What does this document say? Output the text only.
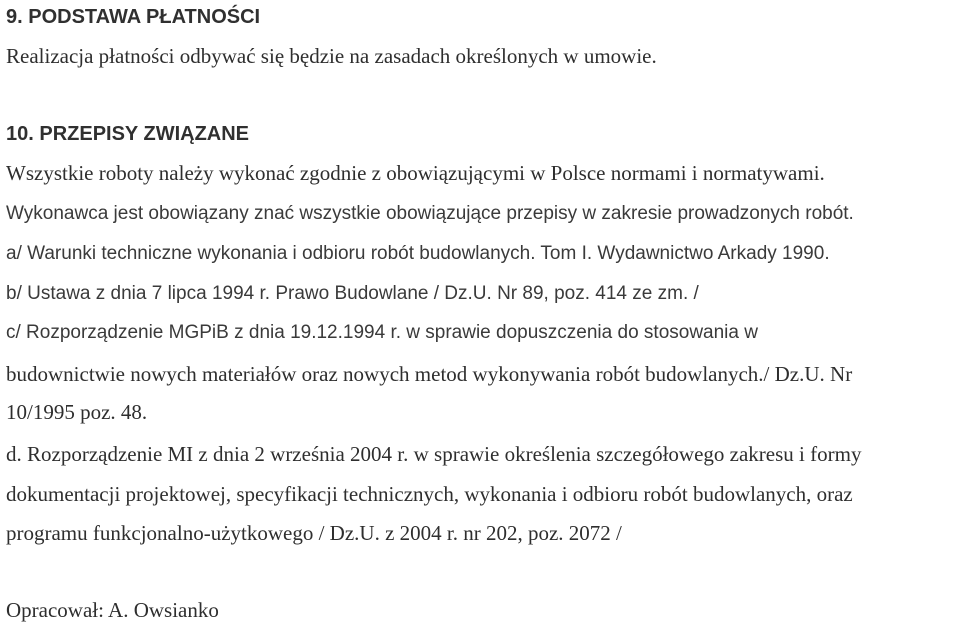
9. PODSTAWA PŁATNOŚCI
Realizacja płatności odbywać się będzie na zasadach określonych w umowie.
10. PRZEPISY ZWIĄZANE
Wszystkie roboty należy wykonać zgodnie z obowiązującymi w Polsce normami i normatywami.
Wykonawca jest obowiązany znać wszystkie obowiązujące przepisy w zakresie prowadzonych robót.
a/ Warunki techniczne wykonania i odbioru robót budowlanych. Tom I. Wydawnictwo Arkady 1990.
b/ Ustawa z dnia 7 lipca 1994 r. Prawo Budowlane / Dz.U. Nr 89, poz. 414 ze zm. /
c/ Rozporządzenie MGPiB z dnia 19.12.1994 r. w sprawie dopuszczenia do stosowania w
budownictwie nowych materiałów oraz nowych metod wykonywania robót budowlanych./ Dz.U. Nr
10/1995 poz. 48.
d. Rozporządzenie MI z dnia 2 września 2004 r. w sprawie określenia szczegółowego zakresu i formy
dokumentacji projektowej, specyfikacji technicznych, wykonania i odbioru robót budowlanych, oraz
programu funkcjonalno-użytkowego / Dz.U. z 2004 r. nr 202, poz. 2072 /
Opracował: A. Owsianko
